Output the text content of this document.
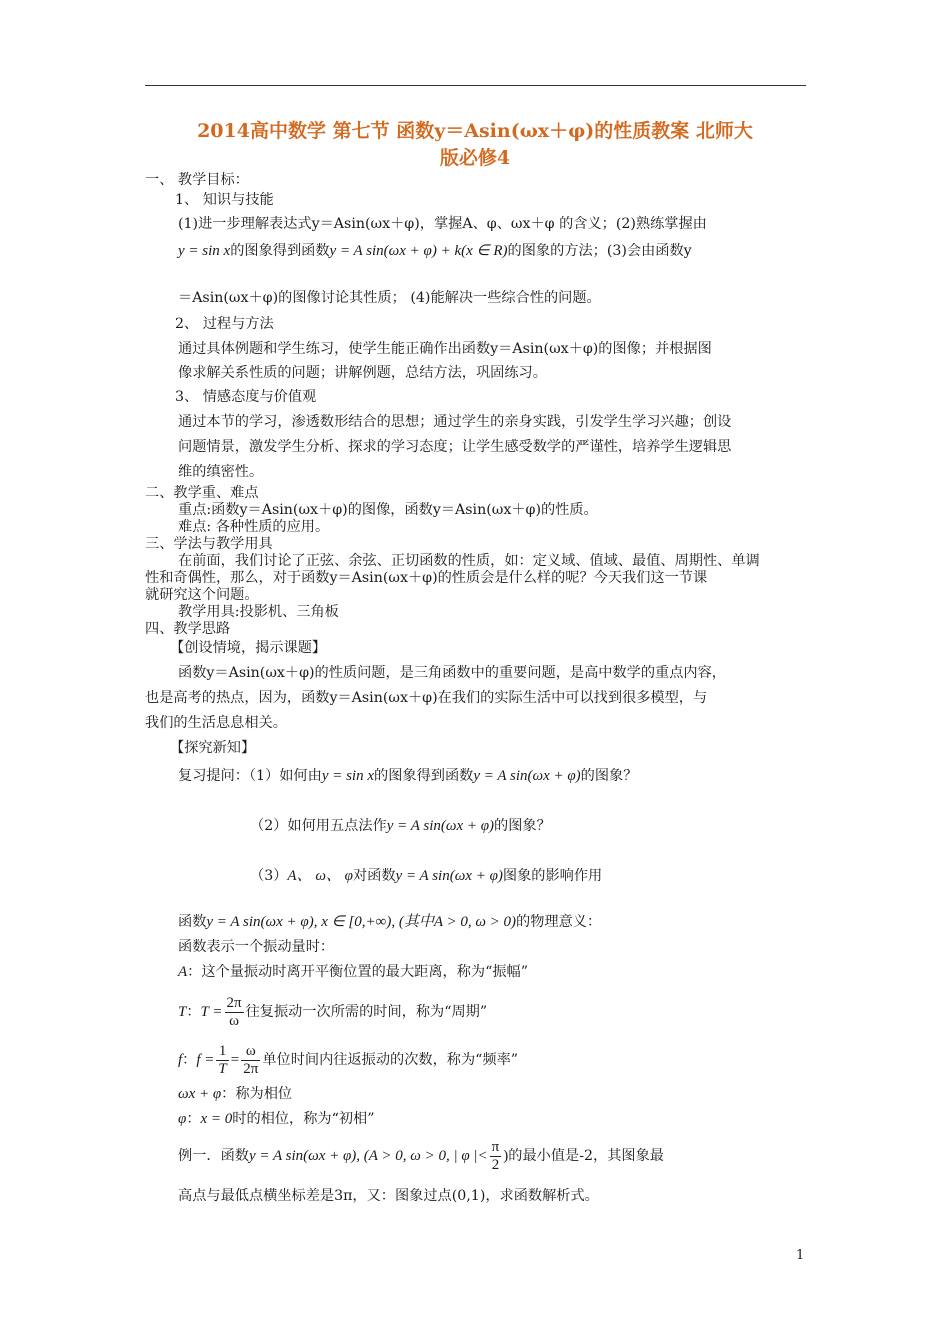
2014高中数学 第七节 函数y＝Asin(ωx＋φ)的性质教案 北师大
版必修4
一、 教学目标：
1、 知识与技能
(1)进一步理解表达式y＝Asin(ωx＋φ)，掌握A、φ、ωx＋φ 的含义；(2)熟练掌握由
y = sin x的图象得到函数y = A sin(ωx + φ) + k(x ∈ R)的图象的方法；(3)会由函数y
＝Asin(ωx＋φ)的图像讨论其性质； (4)能解决一些综合性的问题。
2、 过程与方法
通过具体例题和学生练习，使学生能正确作出函数y＝Asin(ωx＋φ)的图像；并根据图
像求解关系性质的问题；讲解例题，总结方法，巩固练习。
3、 情感态度与价值观
通过本节的学习，渗透数形结合的思想；通过学生的亲身实践，引发学生学习兴趣；创设
问题情景，激发学生分析、探求的学习态度；让学生感受数学的严谨性，培养学生逻辑思
维的缜密性。
二、教学重、难点
重点:函数y＝Asin(ωx＋φ)的图像，函数y＝Asin(ωx＋φ)的性质。
难点: 各种性质的应用。
三、学法与教学用具
在前面，我们讨论了正弦、余弦、正切函数的性质，如：定义域、值域、最值、周期性、单调
性和奇偶性，那么，对于函数y＝Asin(ωx＋φ)的性质会是什么样的呢？今天我们这一节课
就研究这个问题。
教学用具:投影机、三角板
四、教学思路
【创设情境，揭示课题】
函数y＝Asin(ωx＋φ)的性质问题，是三角函数中的重要问题，是高中数学的重点内容，
也是高考的热点，因为，函数y＝Asin(ωx＋φ)在我们的实际生活中可以找到很多模型，与
我们的生活息息相关。
【探究新知】
复习提问：（1）如何由y = sin x的图象得到函数y = A sin(ωx + φ)的图象？
（2）如何用五点法作y = A sin(ωx + φ)的图象？
（3）A、 ω、 φ对函数y = A sin(ωx + φ)图象的影响作用
函数y = A sin(ωx + φ), x ∈ [0,+∞), (其中A > 0, ω > 0)的物理意义：
函数表示一个振动量时：
A：这个量振动时离开平衡位置的最大距离，称为“振幅”
T：$T = \frac{2\pi}{\omega}$ 往复振动一次所需的时间，称为“周期”
f：$f = \frac{1}{T} = \frac{\omega}{2\pi}$ 单位时间内往返振动的次数，称为“频率”
ωx + φ：称为相位
φ：x = 0时的相位，称为“初相”
例一．函数y = A sin(ωx + φ), (A > 0, ω > 0, | φ |< $\frac{\pi}{2}$ )的最小值是-2，其图象最
高点与最低点横坐标差是3π，又：图象过点(0,1)，求函数解析式。
1
